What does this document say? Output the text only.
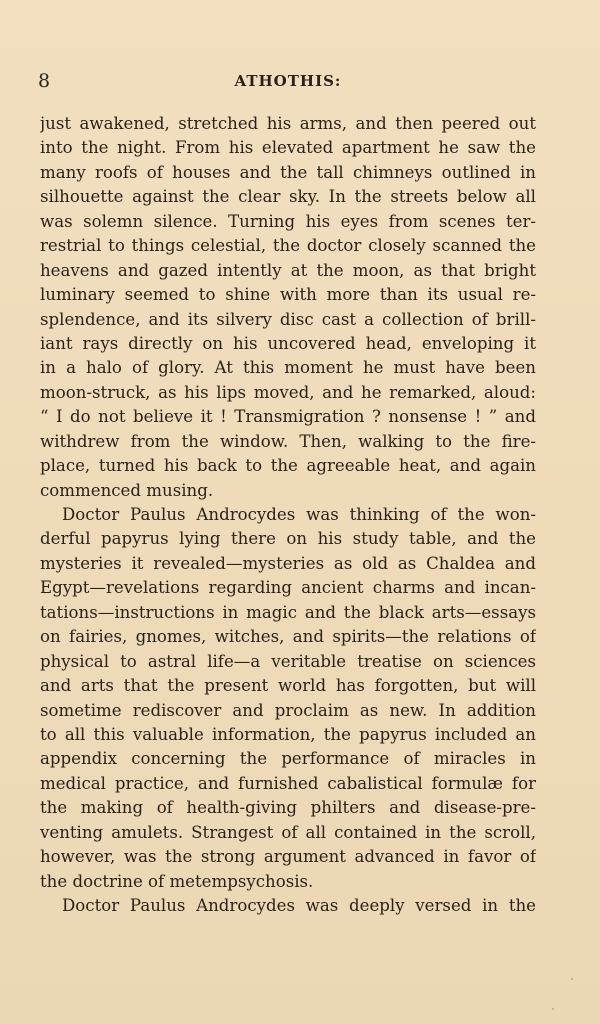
8	ATHOTHIS:
just awakened, stretched his arms, and then peered out
into the night. From his elevated apartment he saw the
many roofs of houses and the tall chimneys outlined in
silhouette against the clear sky. In the streets below all
was solemn silence. Turning his eyes from scenes ter-
restrial to things celestial, the doctor closely scanned the
heavens and gazed intently at the moon, as that bright
luminary seemed to shine with more than its usual re-
splendence, and its silvery disc cast a collection of brill-
iant rays directly on his uncovered head, enveloping it
in a halo of glory. At this moment he must have been
moon-struck, as his lips moved, and he remarked, aloud:
“ I do not believe it ! Transmigration ? nonsense ! ” and
withdrew from the window. Then, walking to the fire-
place, turned his back to the agreeable heat, and again
commenced musing.
Doctor Paulus Androcydes was thinking of the won-
derful papyrus lying there on his study table, and the
mysteries it revealed—mysteries as old as Chaldea and
Egypt—revelations regarding ancient charms and incan-
tations—instructions in magic and the black arts—essays
on fairies, gnomes, witches, and spirits—the relations of
physical to astral life—a veritable treatise on sciences
and arts that the present world has forgotten, but will
sometime rediscover and proclaim as new. In addition
to all this valuable information, the papyrus included an
appendix concerning the performance of miracles in
medical practice, and furnished cabalistical formulæ for
the making of health-giving philters and disease-pre-
venting amulets. Strangest of all contained in the scroll,
however, was the strong argument advanced in favor of
the doctrine of metempsychosis.
Doctor Paulus Androcydes was deeply versed in the
